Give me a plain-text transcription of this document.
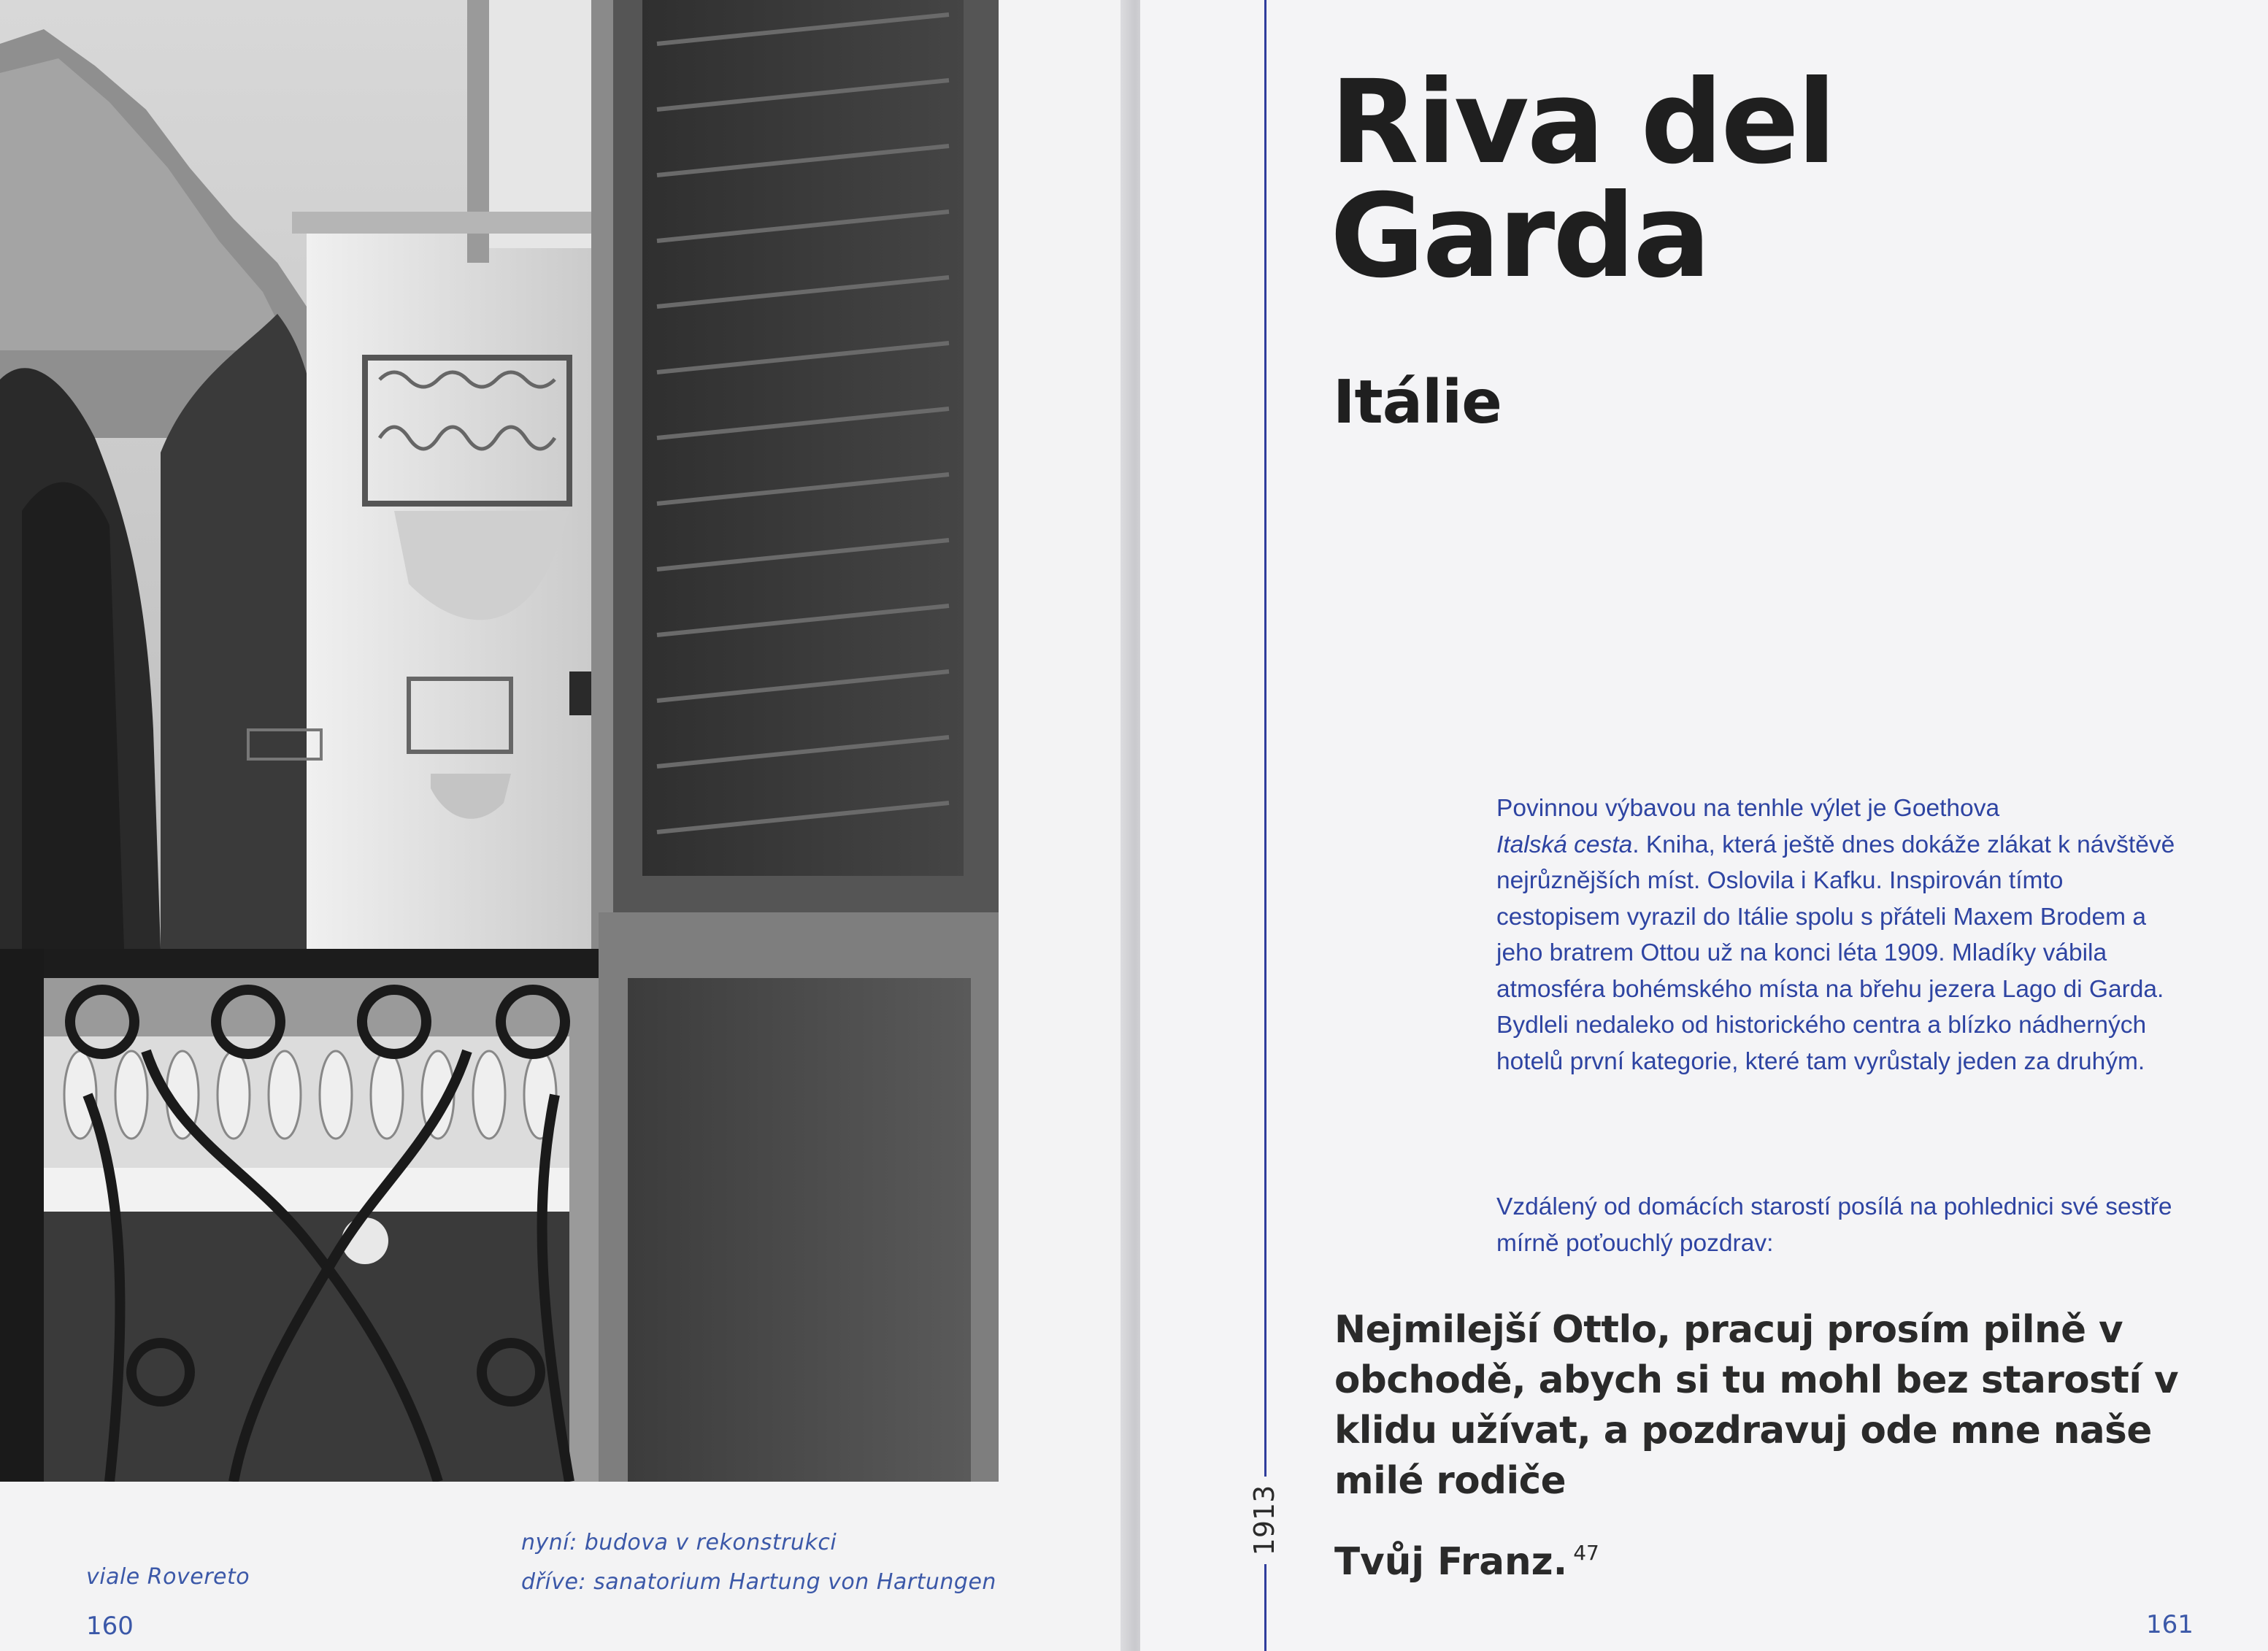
viale Rovereto
nyní: budova v rekonstrukci
dříve: sanatorium Hartung von Hartungen
160
1913
Riva del
Garda
Itálie

Povinnou výbavou na tenhle výlet je Goethova
Italská cesta. Kniha, která ještě dnes dokáže zlákat k návštěvě nejrůznějších míst. Oslovila i Kafku. Inspirován tímto cestopisem vyrazil do Itálie spolu s přáteli Maxem Brodem a jeho bratrem Ottou už na konci léta 1909. Mladíky vábila atmosféra bohémského místa na břehu jezera Lago di Garda. Bydleli nedaleko od historického centra a blízko nádherných hotelů první kategorie, které tam vyrůstaly jeden za druhým.

Vzdálený od domácích starostí posílá na pohlednici své sestře mírně poťouchlý pozdrav:

Nejmilejší Ottlo, pracuj prosím pilně v obchodě, abych si tu mohl bez starostí v klidu užívat, a pozdravuj ode mne naše milé rodiče

Tvůj Franz. $^{47}$

161
